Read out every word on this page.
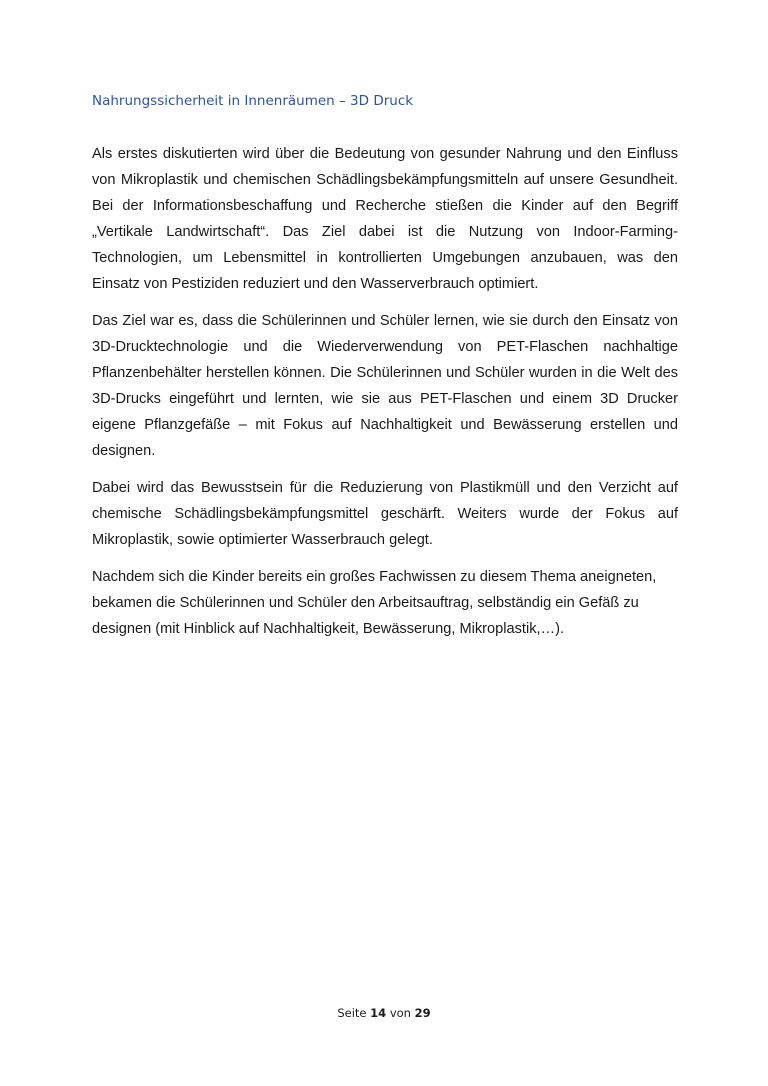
Nahrungssicherheit in Innenräumen – 3D Druck

Als erstes diskutierten wird über die Bedeutung von gesunder Nahrung und den Einfluss von Mikroplastik und chemischen Schädlingsbekämpfungsmitteln auf unsere Gesundheit. Bei der Informationsbeschaffung und Recherche stießen die Kinder auf den Begriff „Vertikale Landwirtschaft“. Das Ziel dabei ist die Nutzung von Indoor-Farming-Technologien, um Lebensmittel in kontrollierten Umgebungen anzubauen, was den Einsatz von Pestiziden reduziert und den Wasserverbrauch optimiert.

Das Ziel war es, dass die Schülerinnen und Schüler lernen, wie sie durch den Einsatz von 3D-Drucktechnologie und die Wiederverwendung von PET-Flaschen nachhaltige Pflanzenbehälter herstellen können. Die Schülerinnen und Schüler wurden in die Welt des 3D-Drucks eingeführt und lernten, wie sie aus PET-Flaschen und einem 3D Drucker eigene Pflanzgefäße – mit Fokus auf Nachhaltigkeit und Bewässerung erstellen und designen.

Dabei wird das Bewusstsein für die Reduzierung von Plastikmüll und den Verzicht auf chemische Schädlingsbekämpfungsmittel geschärft. Weiters wurde der Fokus auf Mikroplastik, sowie optimierter Wasserbrauch gelegt.

Nachdem sich die Kinder bereits ein großes Fachwissen zu diesem Thema aneigneten, bekamen die Schülerinnen und Schüler den Arbeitsauftrag, selbständig ein Gefäß zu designen (mit Hinblick auf Nachhaltigkeit, Bewässerung, Mikroplastik,…).

Seite 14 von 29
